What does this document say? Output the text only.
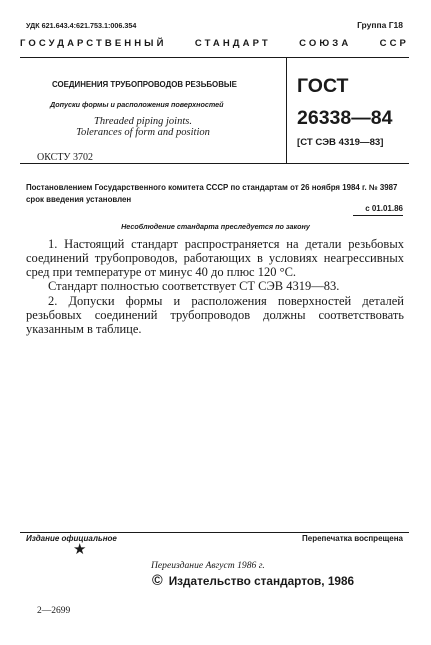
УДК 621.643.4:621.753.1:006.354	Группа Г18
ГОСУДАРСТВЕННЫЙ	СТАНДАРТ	СОЮЗА	ССР
СОЕДИНЕНИЯ ТРУБОПРОВОДОВ РЕЗЬБОВЫЕ
Допуски формы и расположения поверхностей
Threaded piping joints.
Tolerances of form and position
ОКСТУ 3702
ГОСТ
26338—84
[СТ СЭВ 4319—83]
Постановлением Государственного комитета СССР по стандартам от 26 ноября 1984 г. № 3987 срок введения установлен
с 01.01.86
Несоблюдение стандарта преследуется по закону

1. Настоящий стандарт распространяется на детали резьбовых соединений трубопроводов, работающих в условиях неагрессивных сред при температуре от минус 40 до плюс 120 °С.

Стандарт полностью соответствует СТ СЭВ 4319—83.

2. Допуски формы и расположения поверхностей деталей резьбовых соединений трубопроводов должны соответствовать указанным в таблице.

Издание официальное	Перепечатка воспрещена
★
Переиздание Август 1986 г.
© Издательство стандартов, 1986
2—2699
